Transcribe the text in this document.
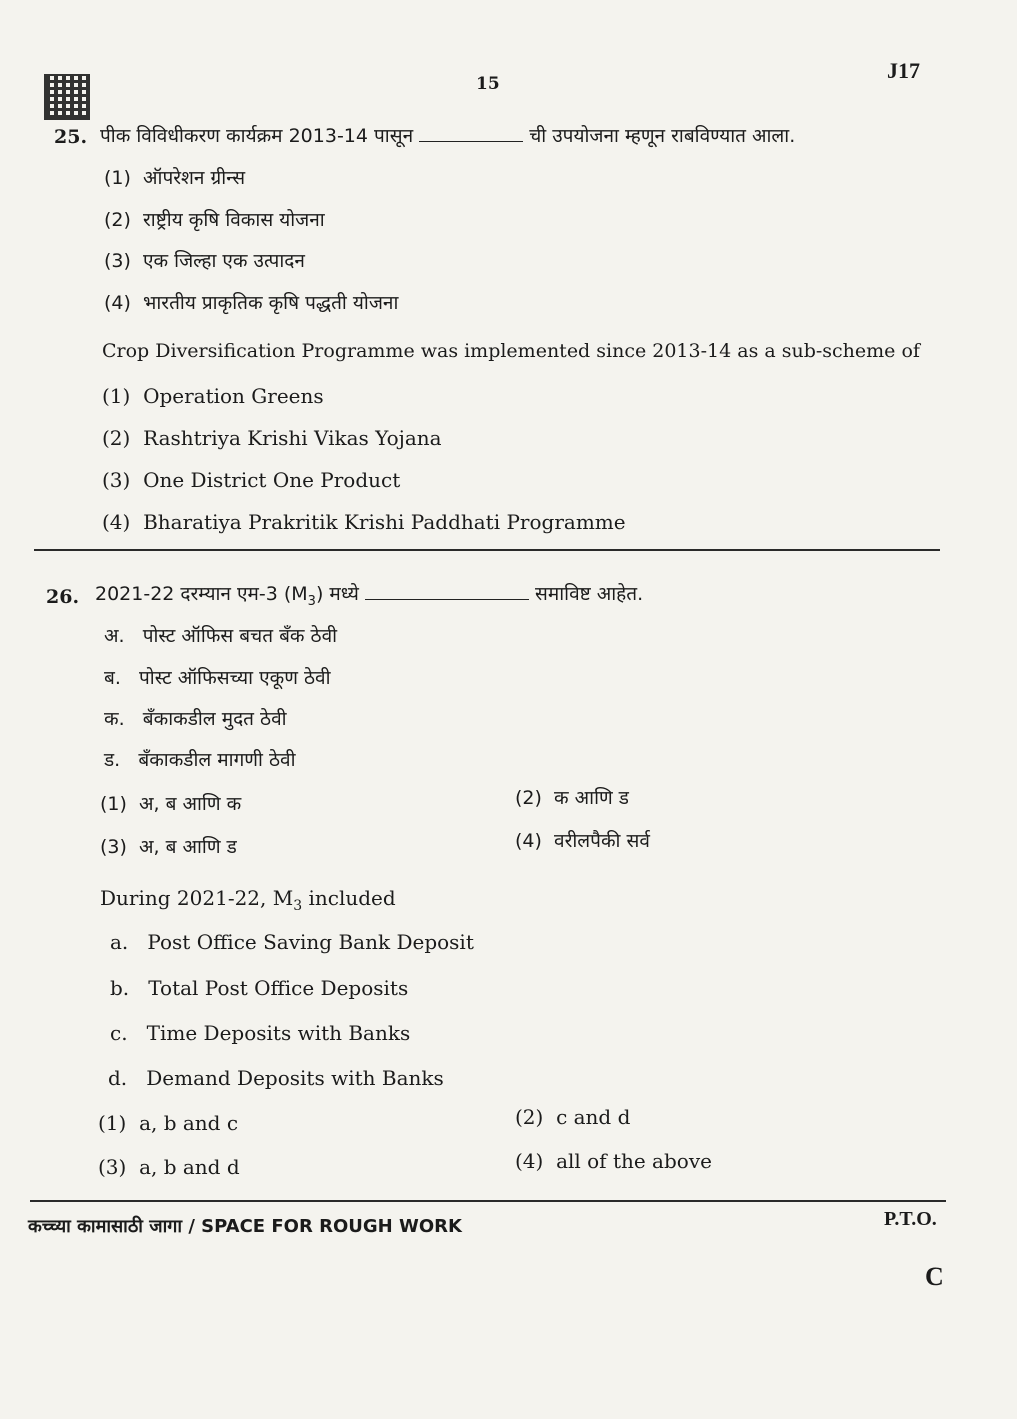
15
J17
25. पीक विविधीकरण कार्यक्रम 2013-14 पासून	ची उपयोजना म्हणून राबविण्यात आला.
(1) ऑपरेशन ग्रीन्स
(2) राष्ट्रीय कृषि विकास योजना
(3) एक जिल्हा एक उत्पादन
(4) भारतीय प्राकृतिक कृषि पद्धती योजना
Crop Diversification Programme was implemented since 2013-14 as a sub-scheme of
(1) Operation Greens
(2) Rashtriya Krishi Vikas Yojana
(3) One District One Product
(4) Bharatiya Prakritik Krishi Paddhati Programme
26. 2021-22 दरम्यान एम-3 $(M_3)$ मध्ये	समाविष्ट आहेत.
अ. पोस्ट ऑफिस बचत बँक ठेवी
ब. पोस्ट ऑफिसच्या एकूण ठेवी
क. बँकाकडील मुदत ठेवी
ड. बँकाकडील मागणी ठेवी
(1) अ, ब आणि क	(2) क आणि ड
(3) अ, ब आणि ड	(4) वरीलपैकी सर्व
During 2021-22, $M_3$ included
a. Post Office Saving Bank Deposit
b. Total Post Office Deposits
c. Time Deposits with Banks
d. Demand Deposits with Banks
(1) a, b and c	(2) c and d
(3) a, b and d	(4) all of the above
कच्च्या कामासाठी जागा / SPACE FOR ROUGH WORK	P.T.O.
C
